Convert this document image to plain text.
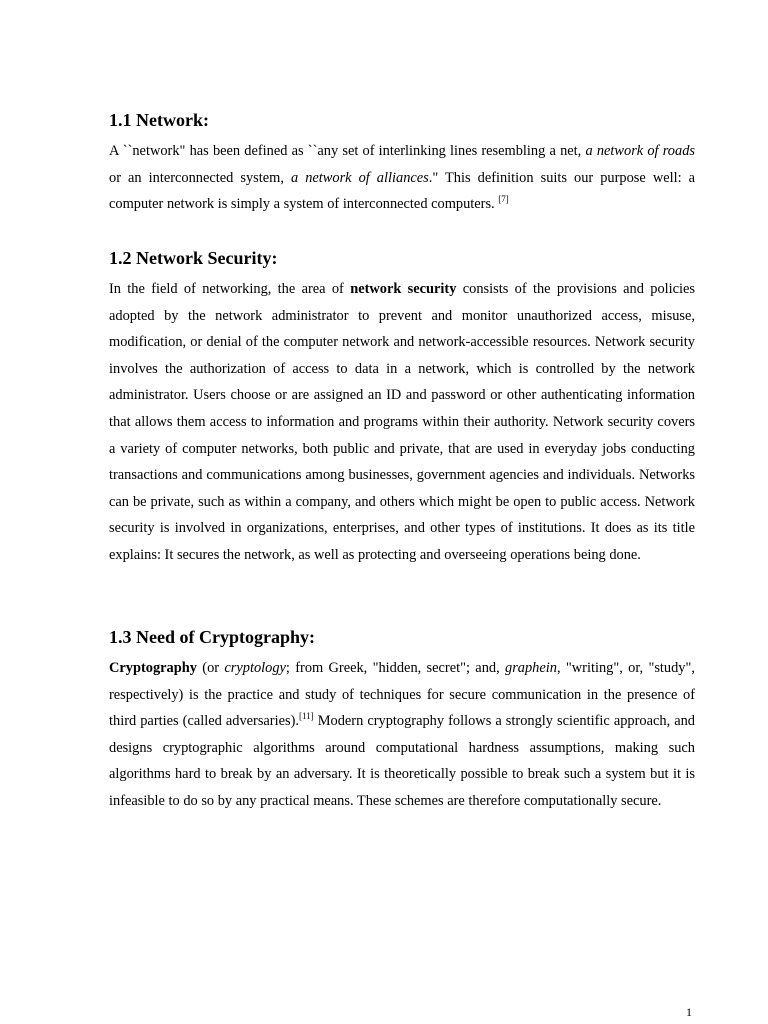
1.1 Network:

A ``network" has been defined as ``any set of interlinking lines resembling a net, a network of roads or an interconnected system, a network of alliances." This definition suits our purpose well: a computer network is simply a system of interconnected computers. [7]

1.2 Network Security:

In the field of networking, the area of network security consists of the provisions and policies adopted by the network administrator to prevent and monitor unauthorized access, misuse, modification, or denial of the computer network and network-accessible resources. Network security involves the authorization of access to data in a network, which is controlled by the network administrator. Users choose or are assigned an ID and password or other authenticating information that allows them access to information and programs within their authority. Network security covers a variety of computer networks, both public and private, that are used in everyday jobs conducting transactions and communications among businesses, government agencies and individuals. Networks can be private, such as within a company, and others which might be open to public access. Network security is involved in organizations, enterprises, and other types of institutions. It does as its title explains: It secures the network, as well as protecting and overseeing operations being done.

1.3 Need of Cryptography:

Cryptography (or cryptology; from Greek, "hidden, secret"; and, graphein, "writing", or, "study", respectively) is the practice and study of techniques for secure communication in the presence of third parties (called adversaries).[11] Modern cryptography follows a strongly scientific approach, and designs cryptographic algorithms around computational hardness assumptions, making such algorithms hard to break by an adversary. It is theoretically possible to break such a system but it is infeasible to do so by any practical means. These schemes are therefore computationally secure.

1
